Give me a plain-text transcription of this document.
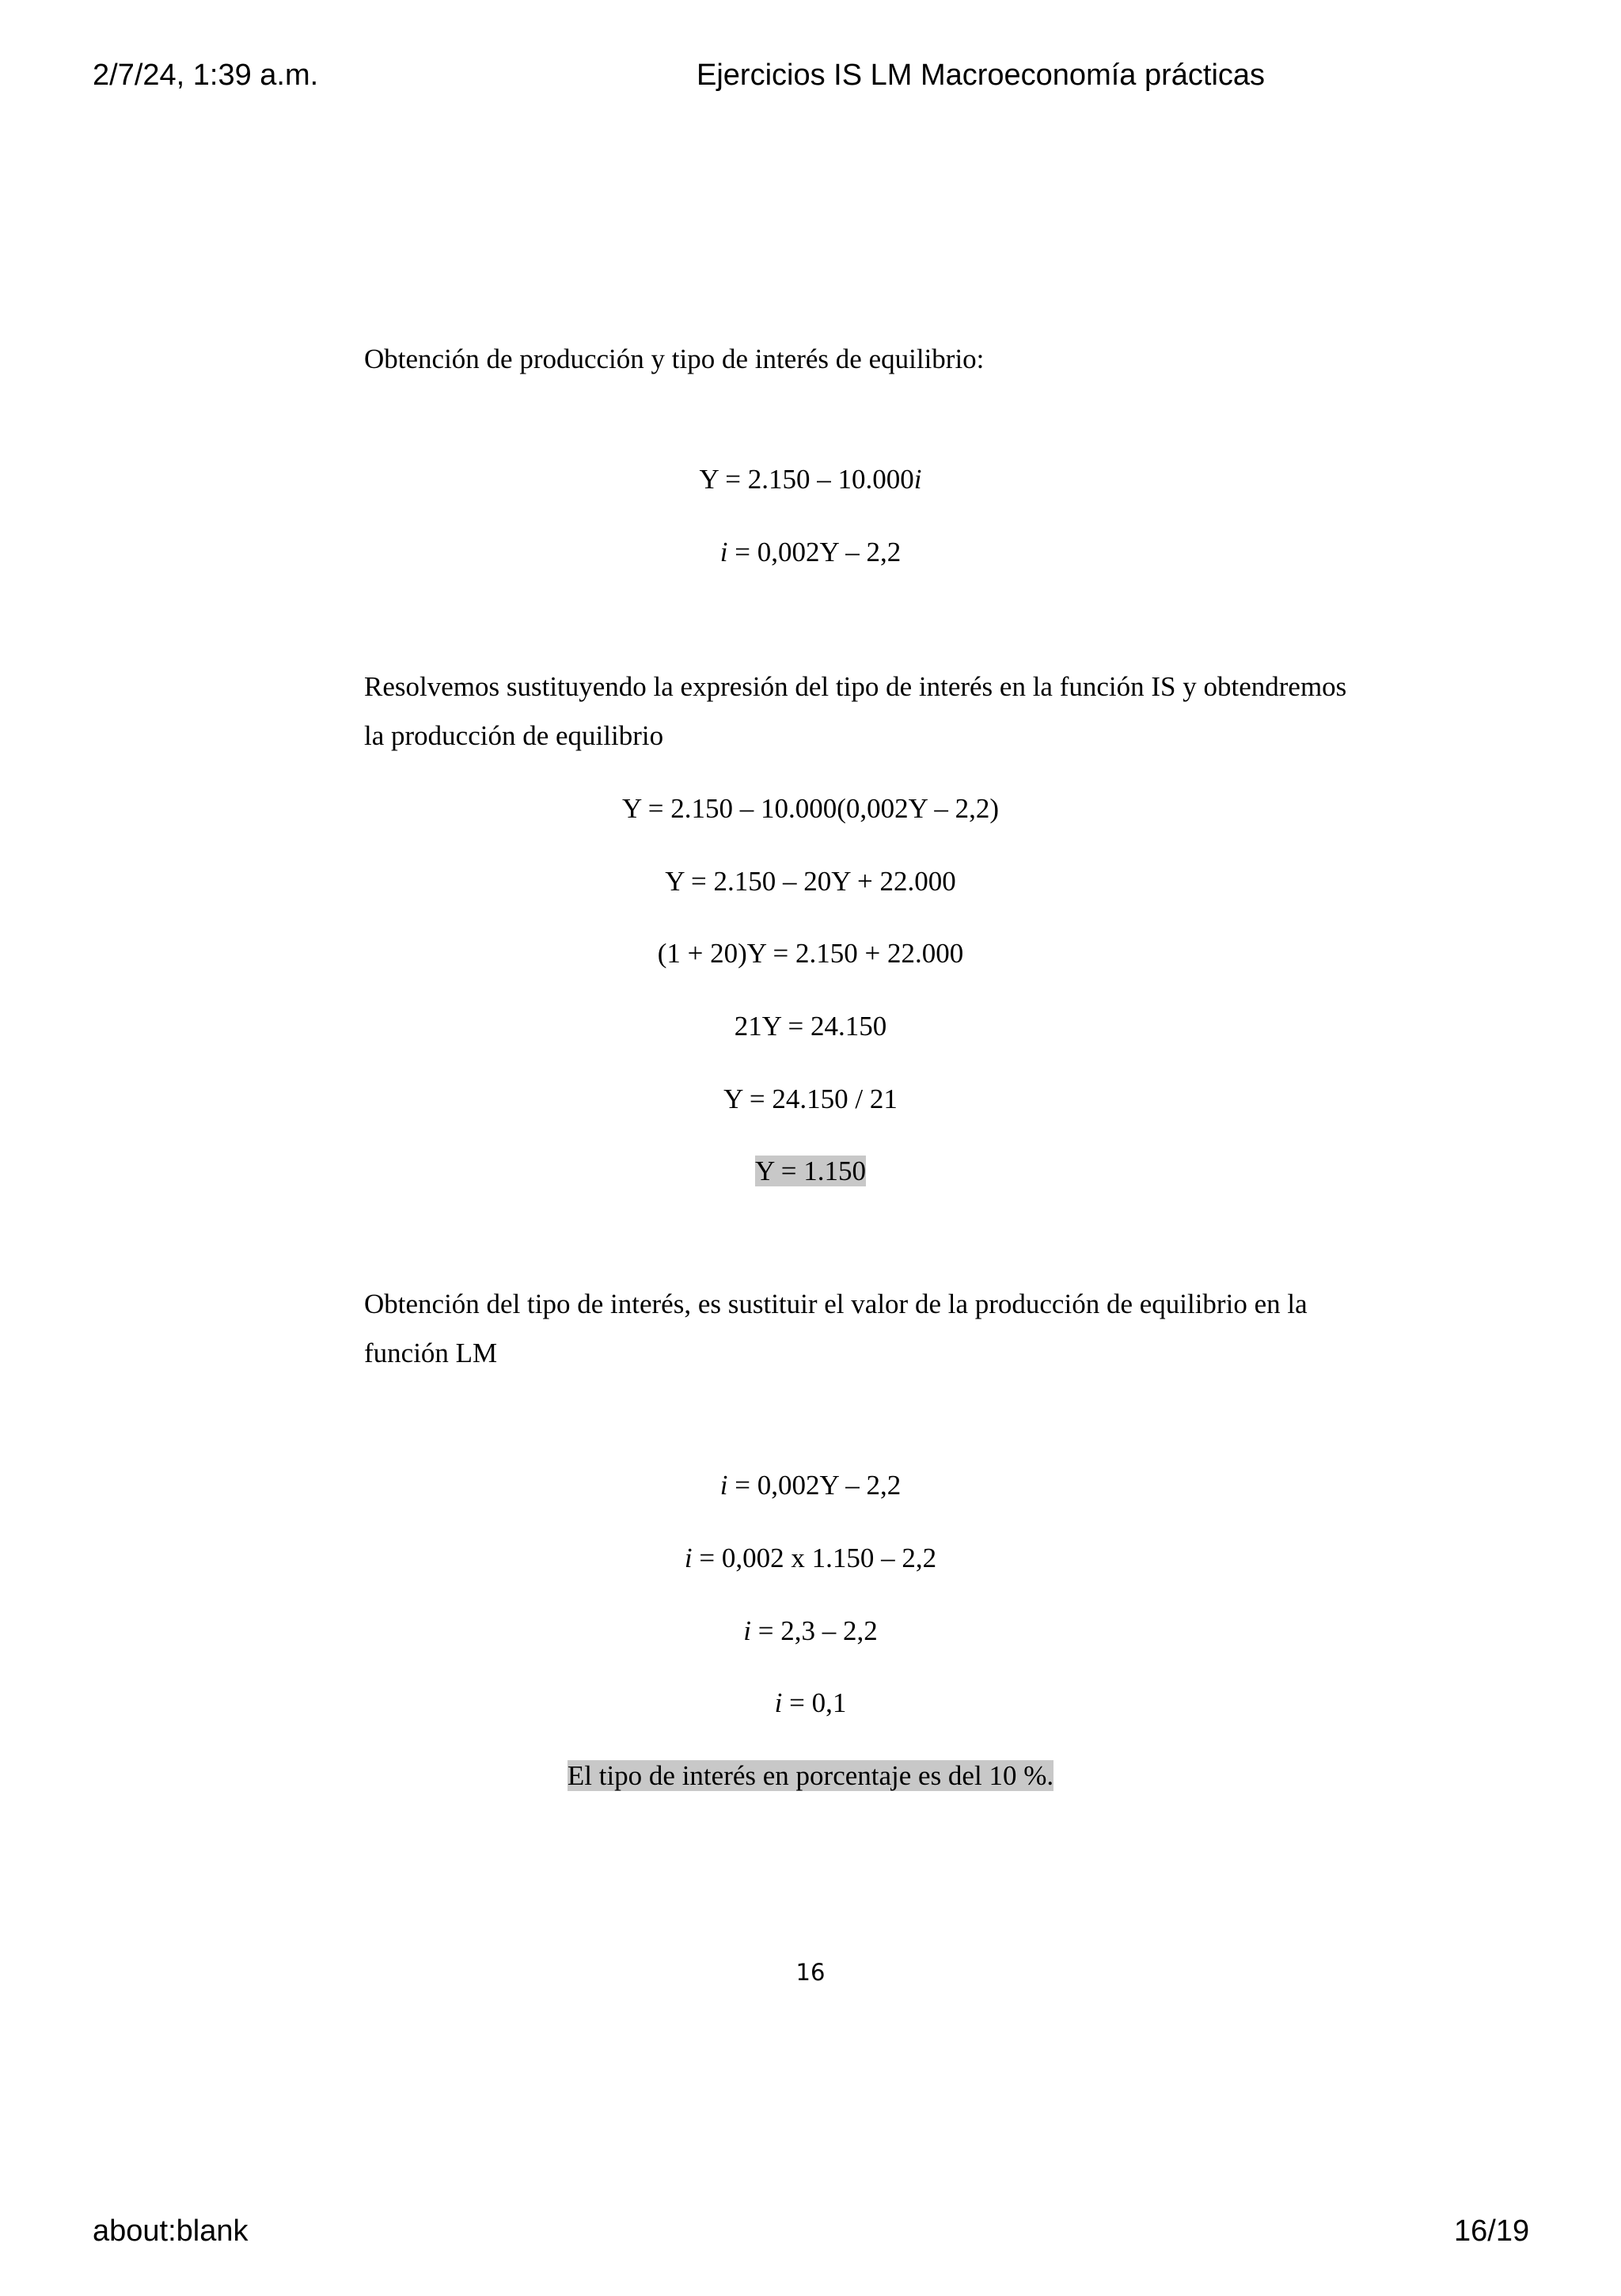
2/7/24, 1:39 a.m.	Ejercicios IS LM Macroeconomía prácticas
Obtención de producción y tipo de interés de equilibrio:
Y = 2.150 – 10.000i
i = 0,002Y – 2,2
Resolvemos sustituyendo la expresión del tipo de interés en la función IS y obtendremos la producción de equilibrio
Y = 2.150 – 10.000(0,002Y – 2,2)
Y = 2.150 – 20Y + 22.000
(1 + 20)Y = 2.150 + 22.000
21Y = 24.150
Y = 24.150 / 21
Y = 1.150
Obtención del tipo de interés, es sustituir el valor de la producción de equilibrio en la función LM
i = 0,002Y – 2,2
i = 0,002 x 1.150 – 2,2
i = 2,3 – 2,2
i = 0,1
El tipo de interés en porcentaje es del 10 %.
16
about:blank	16/19
